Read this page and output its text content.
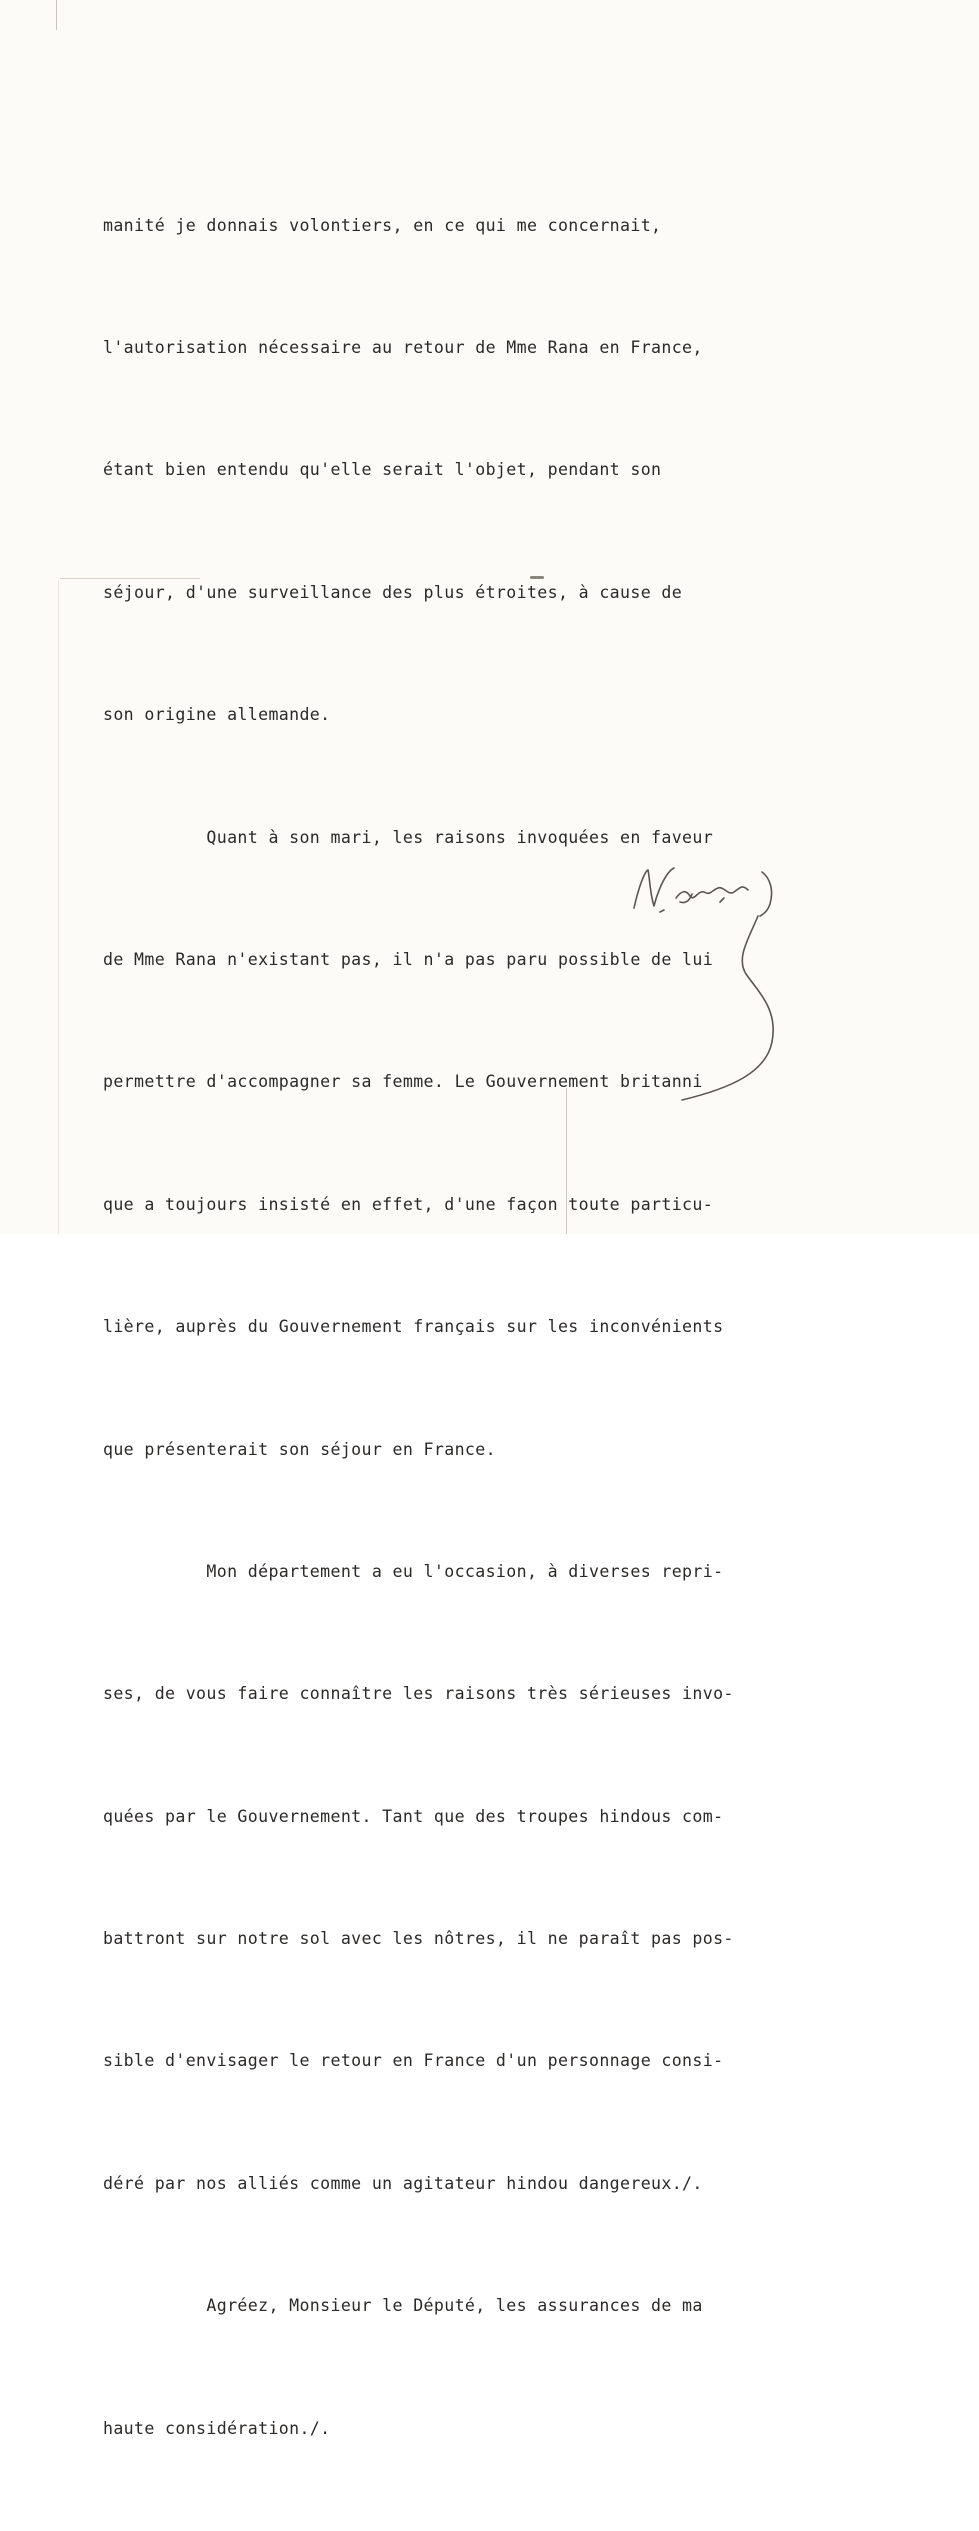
manité je donnais volontiers, en ce qui me concernait,

l'autorisation nécessaire au retour de Mme Rana en France,

étant bien entendu qu'elle serait l'objet, pendant son

séjour, d'une surveillance des plus étroites, à cause de

son origine allemande.

Quant à son mari, les raisons invoquées en faveur

de Mme Rana n'existant pas, il n'a pas paru possible de lui

permettre d'accompagner sa femme. Le Gouvernement britanni

que a toujours insisté en effet, d'une façon toute particu-

lière, auprès du Gouvernement français sur les inconvénients

que présenterait son séjour en France.

Mon département a eu l'occasion, à diverses repri-

ses, de vous faire connaître les raisons très sérieuses invo-

quées par le Gouvernement. Tant que des troupes hindous com-

battront sur notre sol avec les nôtres, il ne paraît pas pos-

sible d'envisager le retour en France d'un personnage consi-

déré par nos alliés comme un agitateur hindou dangereux./.

Agréez, Monsieur le Député, les assurances de ma

haute considération./.
